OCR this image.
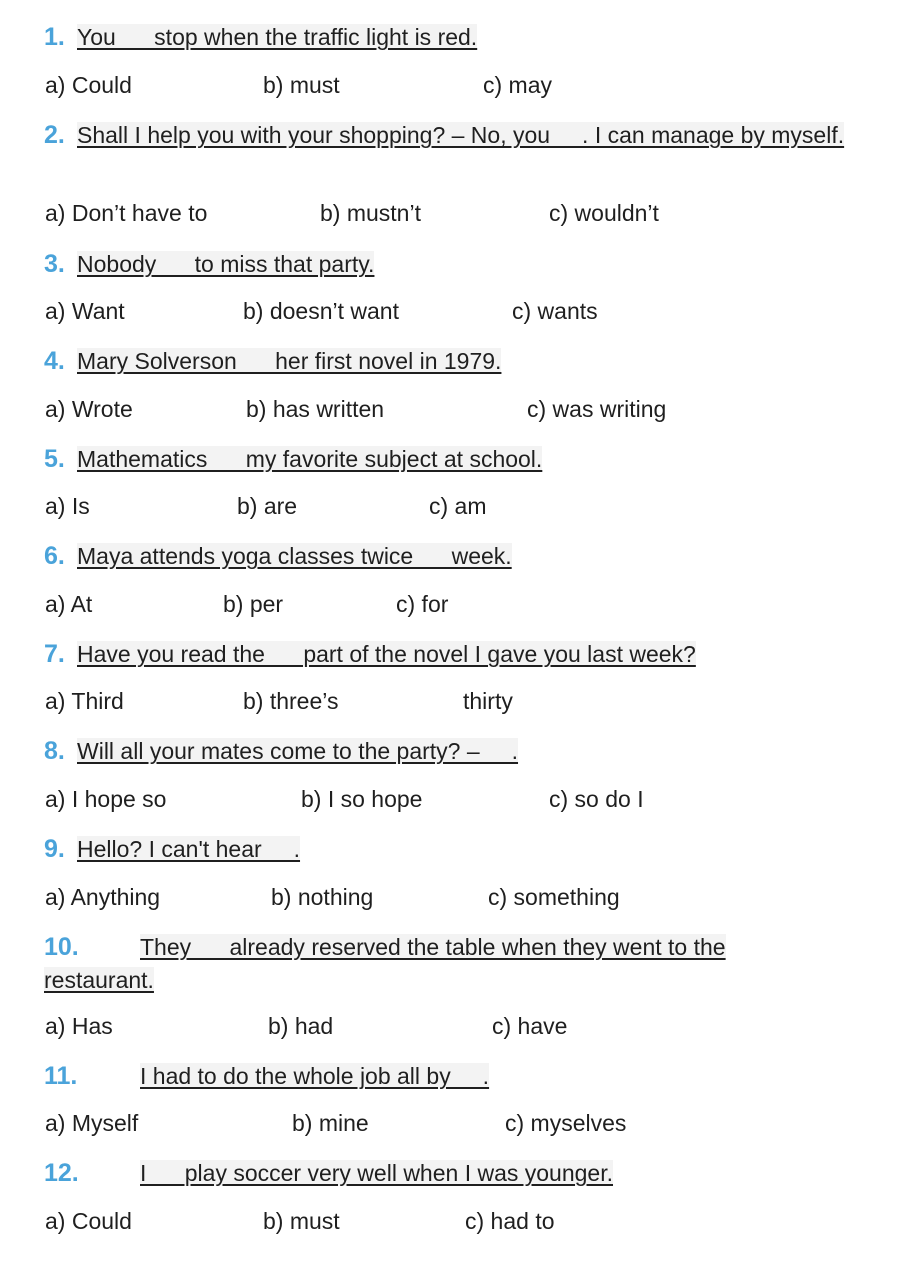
1. You __ stop when the traffic light is red.
a) Could	b) must	c) may
2. Shall I help you with your shopping? – No, you __. I can manage by myself.
a) Don’t have to	b) mustn’t	c) wouldn’t
3. Nobody __ to miss that party.
a) Want	b) doesn’t want	c) wants
4. Mary Solverson __ her first novel in 1979.
a) Wrote	b) has written	c) was writing
5. Mathematics __ my favorite subject at school.
a) Is	b) are	c) am
6. Maya attends yoga classes twice __ week.
a) At	b) per	c) for
7. Have you read the __ part of the novel I gave you last week?
a) Third	b) three’s	thirty
8. Will all your mates come to the party? – __.
a) I hope so	b) I so hope	c) so do I
9. Hello? I can't hear __.
a) Anything	b) nothing	c) something
10.	They __ already reserved the table when they went to the restaurant.
a) Has	b) had	c) have
11.	I had to do the whole job all by __.
a) Myself	b) mine	c) myselves
12.	I __ play soccer very well when I was younger.
a) Could	b) must	c) had to
